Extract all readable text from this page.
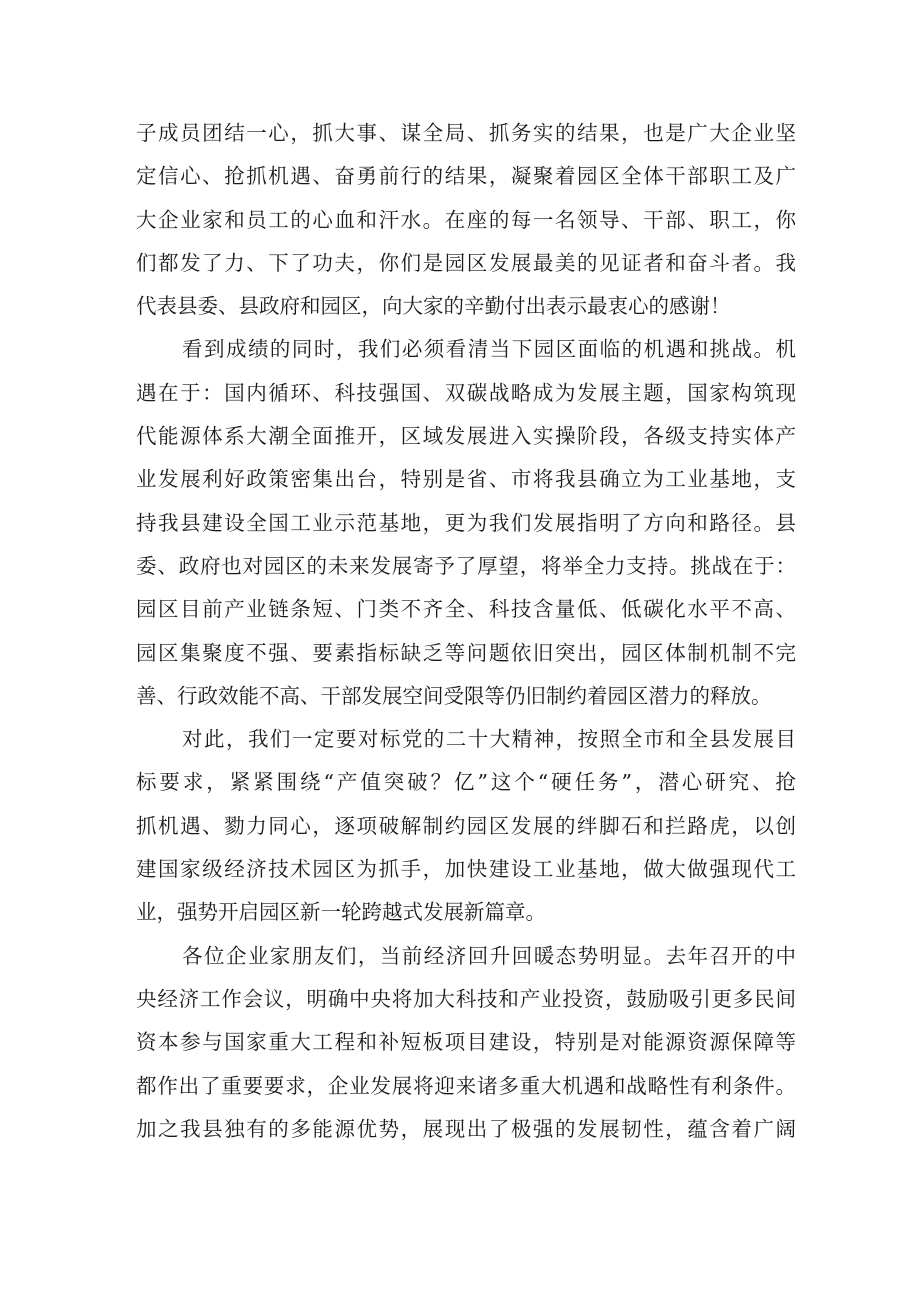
子成员团结一心，抓大事、谋全局、抓务实的结果，也是广大企业坚
定信心、抢抓机遇、奋勇前行的结果，凝聚着园区全体干部职工及广
大企业家和员工的心血和汗水。在座的每一名领导、干部、职工，你
们都发了力、下了功夫，你们是园区发展最美的见证者和奋斗者。我
代表县委、县政府和园区，向大家的辛勤付出表示最衷心的感谢！
看到成绩的同时，我们必须看清当下园区面临的机遇和挑战。机
遇在于：国内循环、科技强国、双碳战略成为发展主题，国家构筑现
代能源体系大潮全面推开，区域发展进入实操阶段，各级支持实体产
业发展利好政策密集出台，特别是省、市将我县确立为工业基地，支
持我县建设全国工业示范基地，更为我们发展指明了方向和路径。县
委、政府也对园区的未来发展寄予了厚望，将举全力支持。挑战在于：
园区目前产业链条短、门类不齐全、科技含量低、低碳化水平不高、
园区集聚度不强、要素指标缺乏等问题依旧突出，园区体制机制不完
善、行政效能不高、干部发展空间受限等仍旧制约着园区潜力的释放。
对此，我们一定要对标党的二十大精神，按照全市和全县发展目
标要求，紧紧围绕“产值突破？亿”这个“硬任务”，潜心研究、抢
抓机遇、勠力同心，逐项破解制约园区发展的绊脚石和拦路虎，以创
建国家级经济技术园区为抓手，加快建设工业基地，做大做强现代工
业，强势开启园区新一轮跨越式发展新篇章。
各位企业家朋友们，当前经济回升回暖态势明显。去年召开的中
央经济工作会议，明确中央将加大科技和产业投资，鼓励吸引更多民间
资本参与国家重大工程和补短板项目建设，特别是对能源资源保障等
都作出了重要要求，企业发展将迎来诸多重大机遇和战略性有利条件。
加之我县独有的多能源优势，展现出了极强的发展韧性，蕴含着广阔
